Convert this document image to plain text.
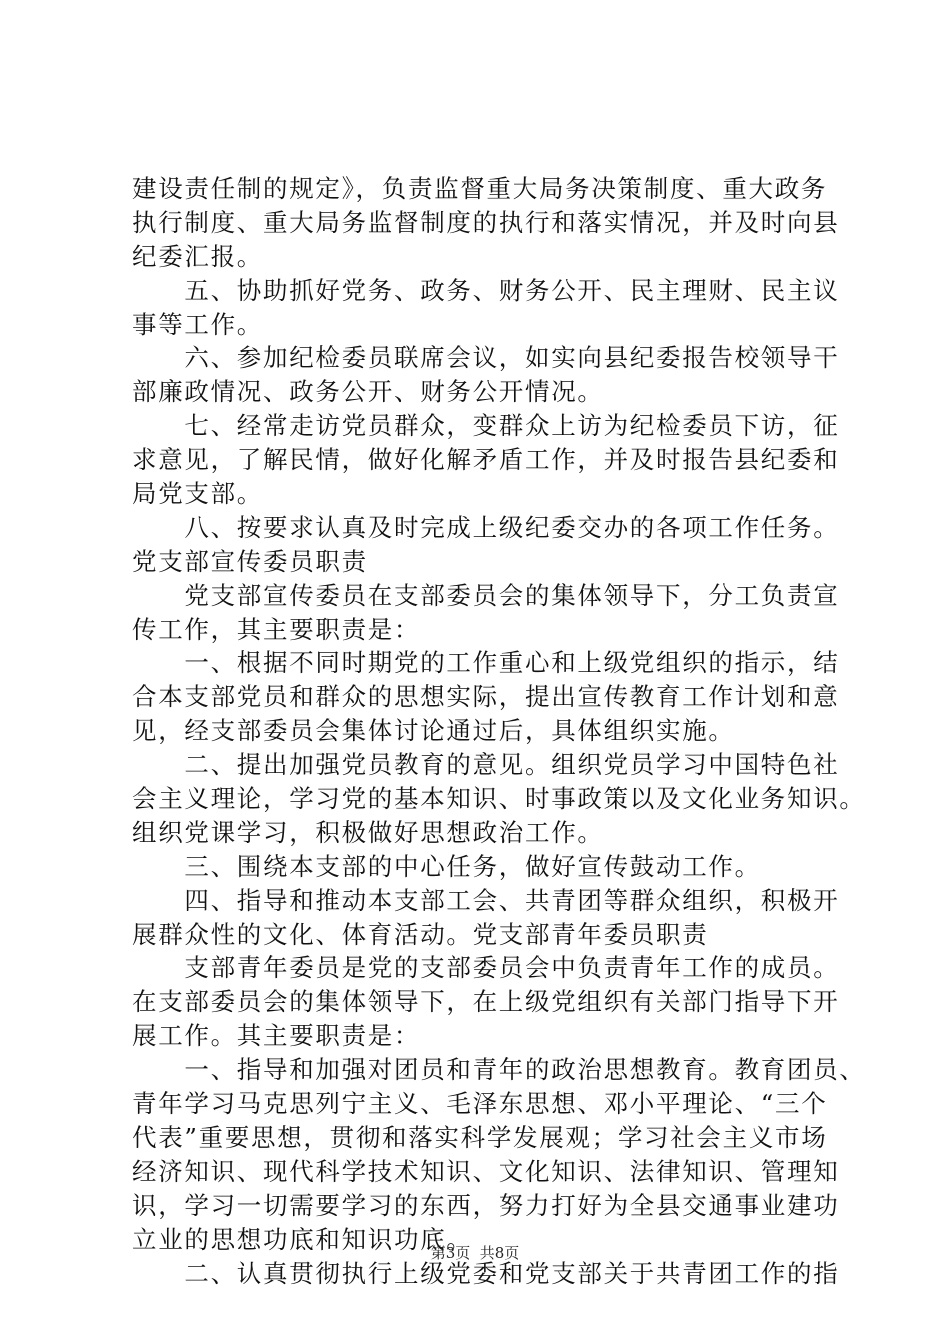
建设责任制的规定》，负责监督重大局务决策制度、重大政务
执行制度、重大局务监督制度的执行和落实情况，并及时向县
纪委汇报。
　　五、协助抓好党务、政务、财务公开、民主理财、民主议
事等工作。
　　六、参加纪检委员联席会议，如实向县纪委报告校领导干
部廉政情况、政务公开、财务公开情况。
　　七、经常走访党员群众，变群众上访为纪检委员下访，征
求意见，了解民情，做好化解矛盾工作，并及时报告县纪委和
局党支部。
　　八、按要求认真及时完成上级纪委交办的各项工作任务。
党支部宣传委员职责
　　党支部宣传委员在支部委员会的集体领导下，分工负责宣
传工作，其主要职责是：
　　一、根据不同时期党的工作重心和上级党组织的指示，结
合本支部党员和群众的思想实际，提出宣传教育工作计划和意
见，经支部委员会集体讨论通过后，具体组织实施。
　　二、提出加强党员教育的意见。组织党员学习中国特色社
会主义理论，学习党的基本知识、时事政策以及文化业务知识。
组织党课学习，积极做好思想政治工作。
　　三、围绕本支部的中心任务，做好宣传鼓动工作。
　　四、指导和推动本支部工会、共青团等群众组织，积极开
展群众性的文化、体育活动。党支部青年委员职责
　　支部青年委员是党的支部委员会中负责青年工作的成员。
在支部委员会的集体领导下，在上级党组织有关部门指导下开
展工作。其主要职责是：
　　一、指导和加强对团员和青年的政治思想教育。教育团员、
青年学习马克思列宁主义、毛泽东思想、邓小平理论、“三个
代表”重要思想，贯彻和落实科学发展观；学习社会主义市场
经济知识、现代科学技术知识、文化知识、法律知识、管理知
识，学习一切需要学习的东西，努力打好为全县交通事业建功
立业的思想功底和知识功底。
　　二、认真贯彻执行上级党委和党支部关于共青团工作的指
第3页  共8页
